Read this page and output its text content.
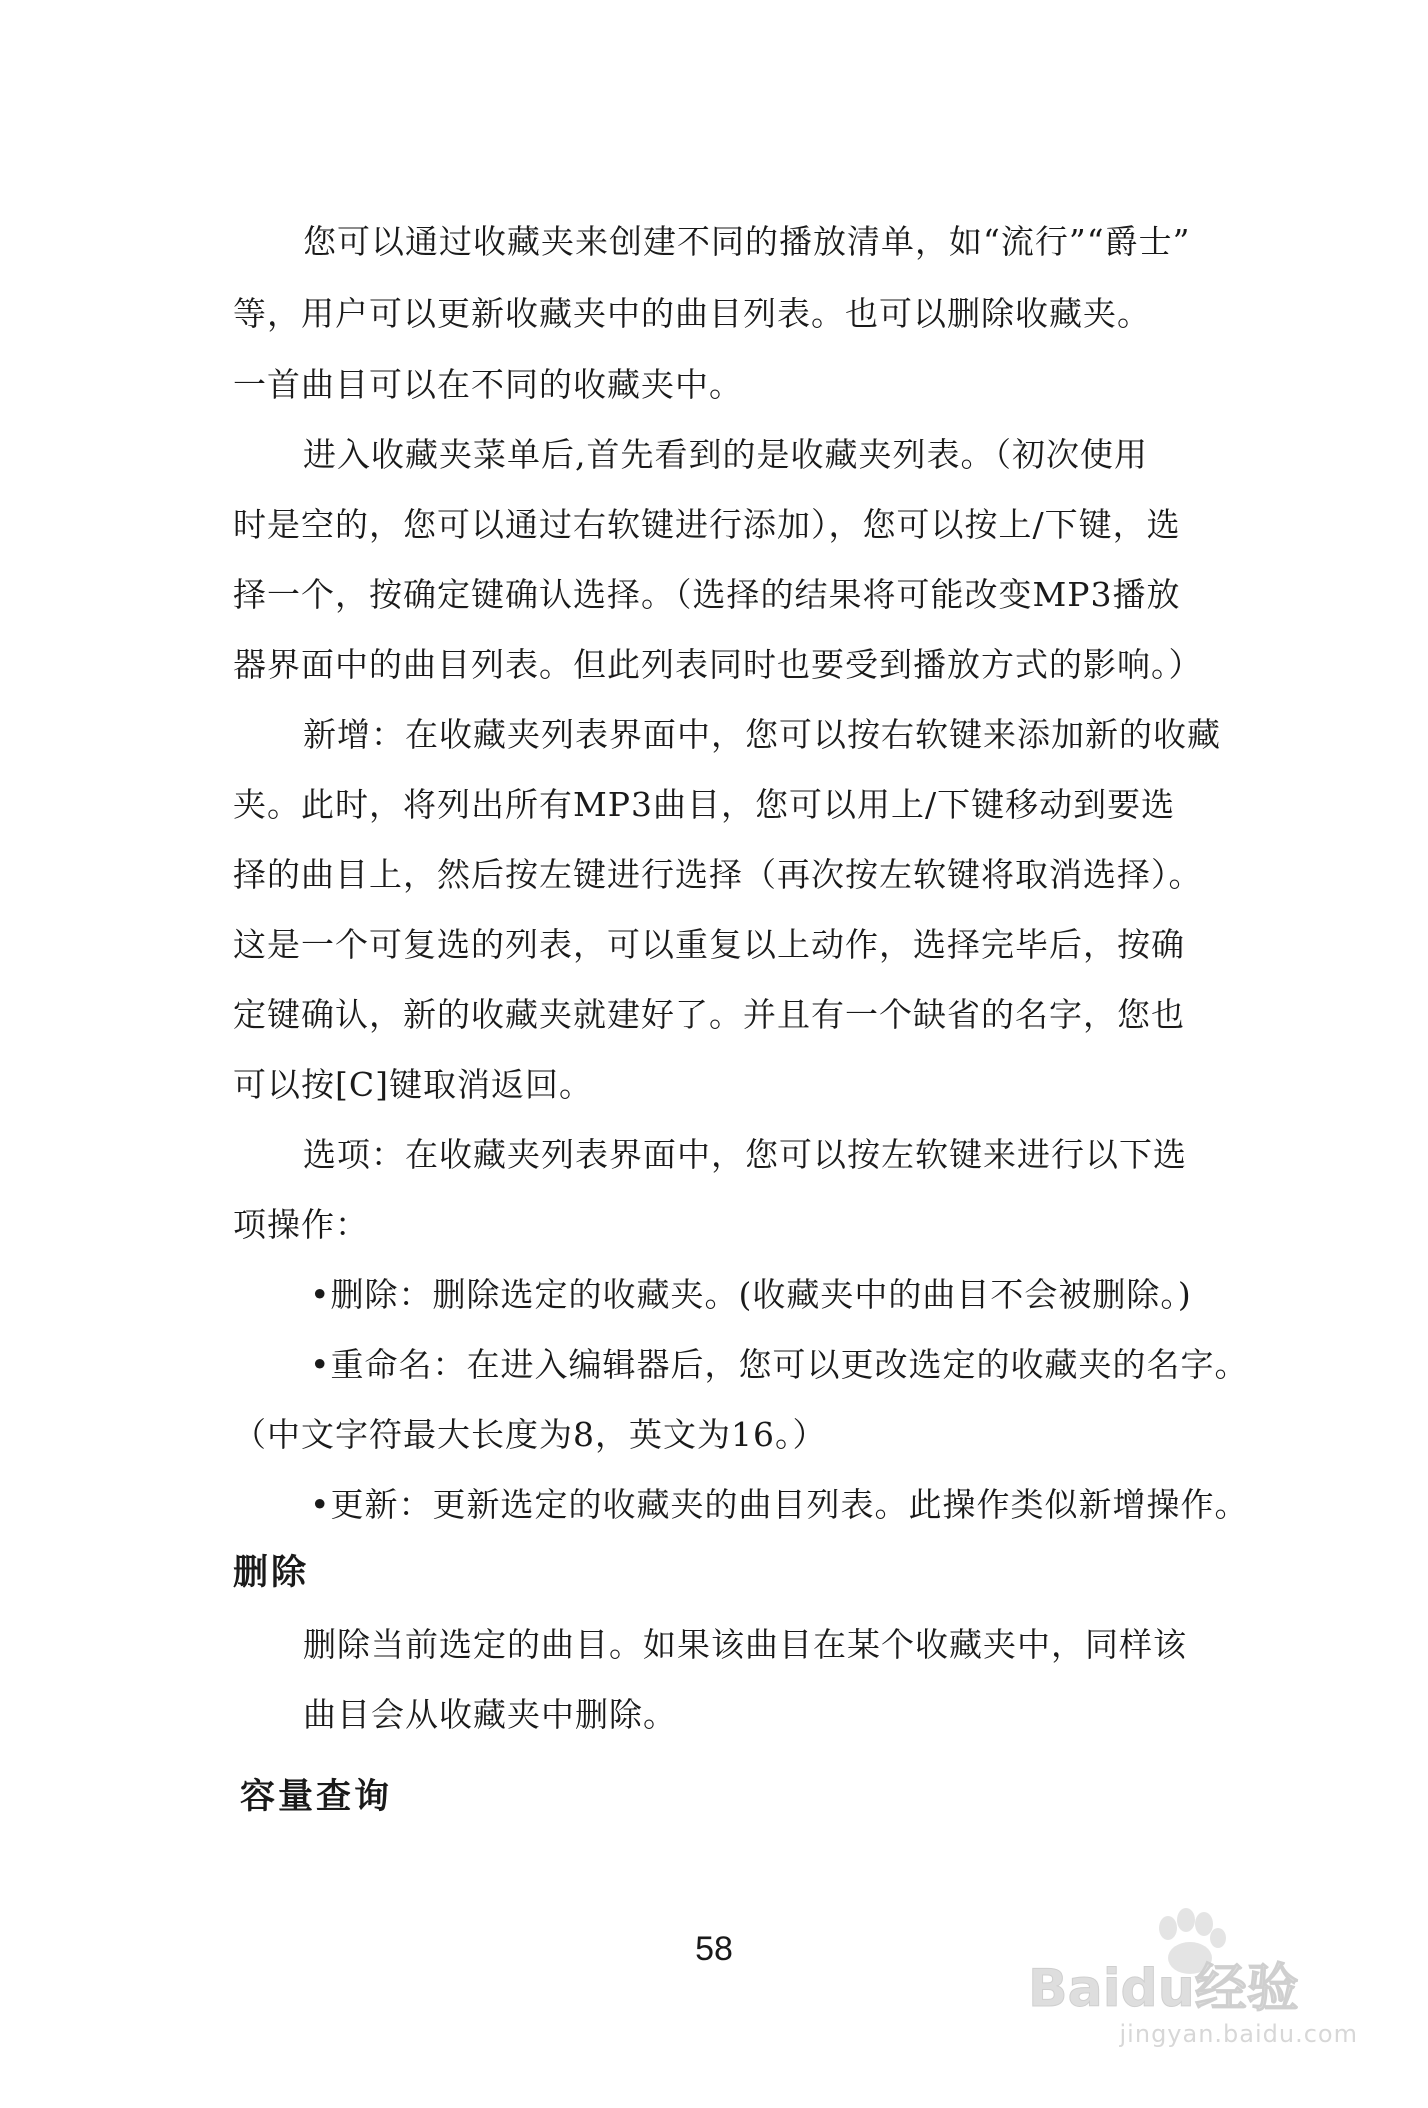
您可以通过收藏夹来创建不同的播放清单，如“流行”“爵士”
等，用户可以更新收藏夹中的曲目列表。也可以删除收藏夹。
一首曲目可以在不同的收藏夹中。
进入收藏夹菜单后,首先看到的是收藏夹列表。（初次使用
时是空的，您可以通过右软键进行添加），您可以按上/下键，选
择一个，按确定键确认选择。（选择的结果将可能改变MP3播放
器界面中的曲目列表。但此列表同时也要受到播放方式的影响。）
新增：在收藏夹列表界面中，您可以按右软键来添加新的收藏
夹。此时，将列出所有MP3曲目，您可以用上/下键移动到要选
择的曲目上，然后按左键进行选择（再次按左软键将取消选择）。
这是一个可复选的列表，可以重复以上动作，选择完毕后，按确
定键确认，新的收藏夹就建好了。并且有一个缺省的名字，您也
可以按[C]键取消返回。
选项：在收藏夹列表界面中，您可以按左软键来进行以下选
项操作：
•删除：删除选定的收藏夹。(收藏夹中的曲目不会被删除。)
•重命名：在进入编辑器后，您可以更改选定的收藏夹的名字。
（中文字符最大长度为8，英文为16。）
•更新：更新选定的收藏夹的曲目列表。此操作类似新增操作。
删除
删除当前选定的曲目。如果该曲目在某个收藏夹中，同样该
曲目会从收藏夹中删除。
容量查询
58
Baidu经验
jingyan.baidu.com
